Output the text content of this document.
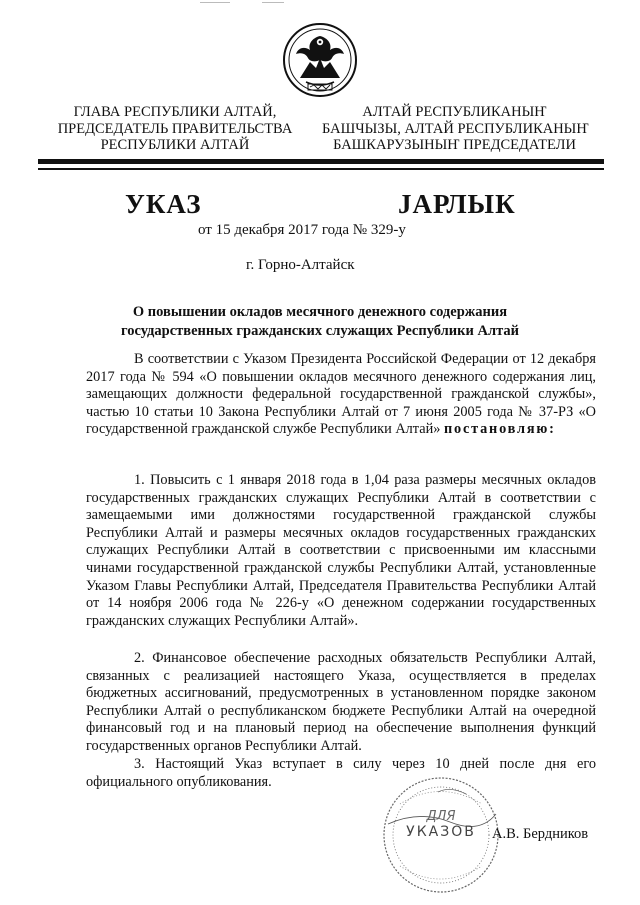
ГЛАВА РЕСПУБЛИКИ АЛТАЙ,
ПРЕДСЕДАТЕЛЬ ПРАВИТЕЛЬСТВА
РЕСПУБЛИКИ АЛТАЙ
АЛТАЙ РЕСПУБЛИКАНЫҤ
БАШЧЫЗЫ, АЛТАЙ РЕСПУБЛИКАНЫҤ
БАШКАРУЗЫНЫҤ ПРЕДСЕДАТЕЛИ
УКАЗ	ЈАРЛЫК
от 15 декабря 2017 года № 329-у
г. Горно-Алтайск
О повышении окладов месячного денежного содержания
государственных гражданских служащих Республики Алтай

В соответствии с Указом Президента Российской Федерации от 12 декабря 2017 года № 594 «О повышении окладов месячного денежного содержания лиц, замещающих должности федеральной государственной гражданской службы», частью 10 статьи 10 Закона Республики Алтай от 7 июня 2005 года № 37-РЗ «О государственной гражданской службе Республики Алтай» постановляю:

1. Повысить с 1 января 2018 года в 1,04 раза размеры месячных окладов государственных гражданских служащих Республики Алтай в соответствии с замещаемыми ими должностями государственной гражданской службы Республики Алтай и размеры месячных окладов государственных гражданских служащих Республики Алтай в соответствии с присвоенными им классными чинами государственной гражданской службы Республики Алтай, установленные Указом Главы Республики Алтай, Председателя Правительства Республики Алтай от 14 ноября 2006 года № 226-у «О денежном содержании государственных гражданских служащих Республики Алтай».

2. Финансовое обеспечение расходных обязательств Республики Алтай, связанных с реализацией настоящего Указа, осуществляется в пределах бюджетных ассигнований, предусмотренных в установленном порядке законом Республики Алтай о республиканском бюджете Республики Алтай на очередной финансовый год и на плановый период на обеспечение выполнения функций государственных органов Республики Алтай.

3. Настоящий Указ вступает в силу через 10 дней после дня его официального опубликования.

ДЛЯ
УКАЗОВ А.В. Бердников
